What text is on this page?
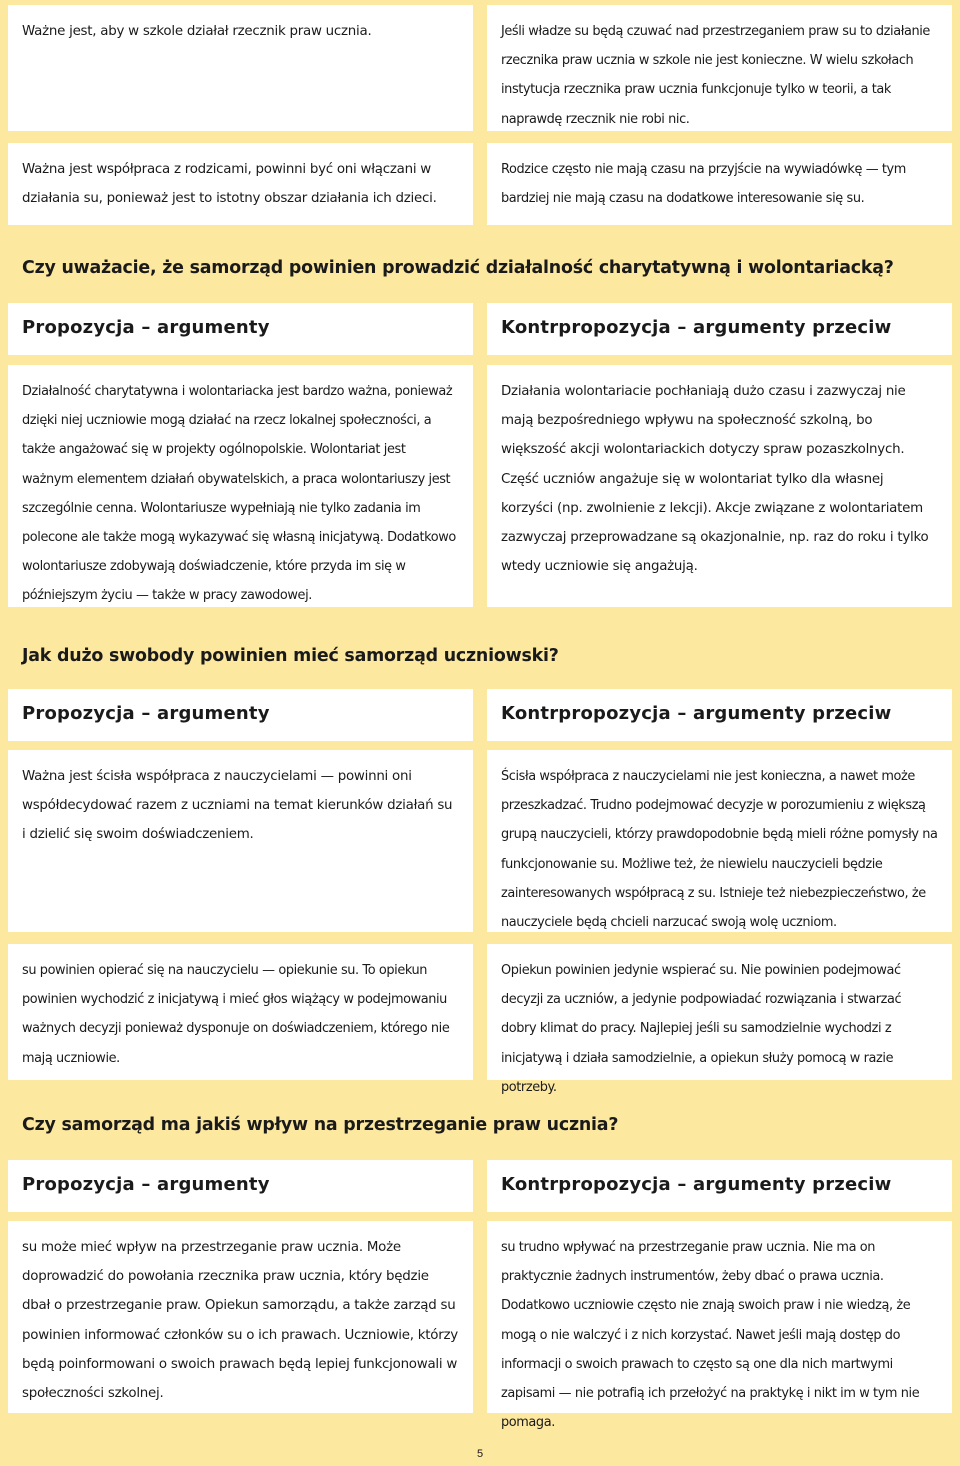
Ważne jest, aby w szkole działał rzecznik praw ucznia.	Jeśli władze su będą czuwać nad przestrzeganiem praw su to działanie rzecznika praw ucznia w szkole nie jest konieczne. W wielu szkołach instytucja rzecznika praw ucznia funkcjonuje tylko w teorii, a tak naprawdę rzecznik nie robi nic.
Ważna jest współpraca z rodzicami, powinni być oni włączani w działania su, ponieważ jest to istotny obszar działania ich dzieci.
Rodzice często nie mają czasu na przyjście na wywiadówkę — tym bardziej nie mają czasu na dodatkowe interesowanie się su.
Czy uważacie, że samorząd powinien prowadzić działalność charytatywną i wolontariacką?
Propozycja – argumenty	Kontrpropozycja – argumenty przeciw
Działalność charytatywna i wolontariacka jest bardzo ważna, ponieważ dzięki niej uczniowie mogą działać na rzecz lokalnej społeczności, a także angażować się w projekty ogólnopolskie. Wolontariat jest ważnym elementem działań obywatelskich, a praca wolontariuszy jest szczególnie cenna. Wolontariusze wypełniają nie tylko zadania im polecone ale także mogą wykazywać się własną inicjatywą. Dodatkowo wolontariusze zdobywają doświadczenie, które przyda im się w późniejszym życiu — także w pracy zawodowej.
Działania wolontariacie pochłaniają dużo czasu i zazwyczaj nie mają bezpośredniego wpływu na społeczność szkolną, bo większość akcji wolontariackich dotyczy spraw pozaszkolnych. Część uczniów angażuje się w wolontariat tylko dla własnej korzyści (np. zwolnienie z lekcji). Akcje związane z wolontariatem zazwyczaj przeprowadzane są okazjonalnie, np. raz do roku i tylko wtedy uczniowie się angażują.
Jak dużo swobody powinien mieć samorząd uczniowski?
Propozycja – argumenty	Kontrpropozycja – argumenty przeciw
Ważna jest ścisła współpraca z nauczycielami — powinni oni współdecydować razem z uczniami na temat kierunków działań su i dzielić się swoim doświadczeniem.
Ścisła współpraca z nauczycielami nie jest konieczna, a nawet może przeszkadzać. Trudno podejmować decyzje w porozumieniu z większą grupą nauczycieli, którzy prawdopodobnie będą mieli różne pomysły na funkcjonowanie su. Możliwe też, że niewielu nauczycieli będzie zainteresowanych współpracą z su. Istnieje też niebezpieczeństwo, że nauczyciele będą chcieli narzucać swoją wolę uczniom.
su powinien opierać się na nauczycielu — opiekunie su. To opiekun powinien wychodzić z inicjatywą i mieć głos wiążący w podejmowaniu ważnych decyzji ponieważ dysponuje on doświadczeniem, którego nie mają uczniowie.
Opiekun powinien jedynie wspierać su. Nie powinien podejmować decyzji za uczniów, a jedynie podpowiadać rozwiązania i stwarzać dobry klimat do pracy. Najlepiej jeśli su samodzielnie wychodzi z inicjatywą i działa samodzielnie, a opiekun służy pomocą w razie potrzeby.
Czy samorząd ma jakiś wpływ na przestrzeganie praw ucznia?
Propozycja – argumenty	Kontrpropozycja – argumenty przeciw
su może mieć wpływ na przestrzeganie praw ucznia. Może doprowadzić do powołania rzecznika praw ucznia, który będzie dbał o przestrzeganie praw. Opiekun samorządu, a także zarząd su powinien informować członków su o ich prawach. Uczniowie, którzy będą poinformowani o swoich prawach będą lepiej funkcjonowali w społeczności szkolnej.
su trudno wpływać na przestrzeganie praw ucznia. Nie ma on praktycznie żadnych instrumentów, żeby dbać o prawa ucznia. Dodatkowo uczniowie często nie znają swoich praw i nie wiedzą, że mogą o nie walczyć i z nich korzystać. Nawet jeśli mają dostęp do informacji o swoich prawach to często są one dla nich martwymi zapisami — nie potrafią ich przełożyć na praktykę i nikt im w tym nie pomaga.
5
